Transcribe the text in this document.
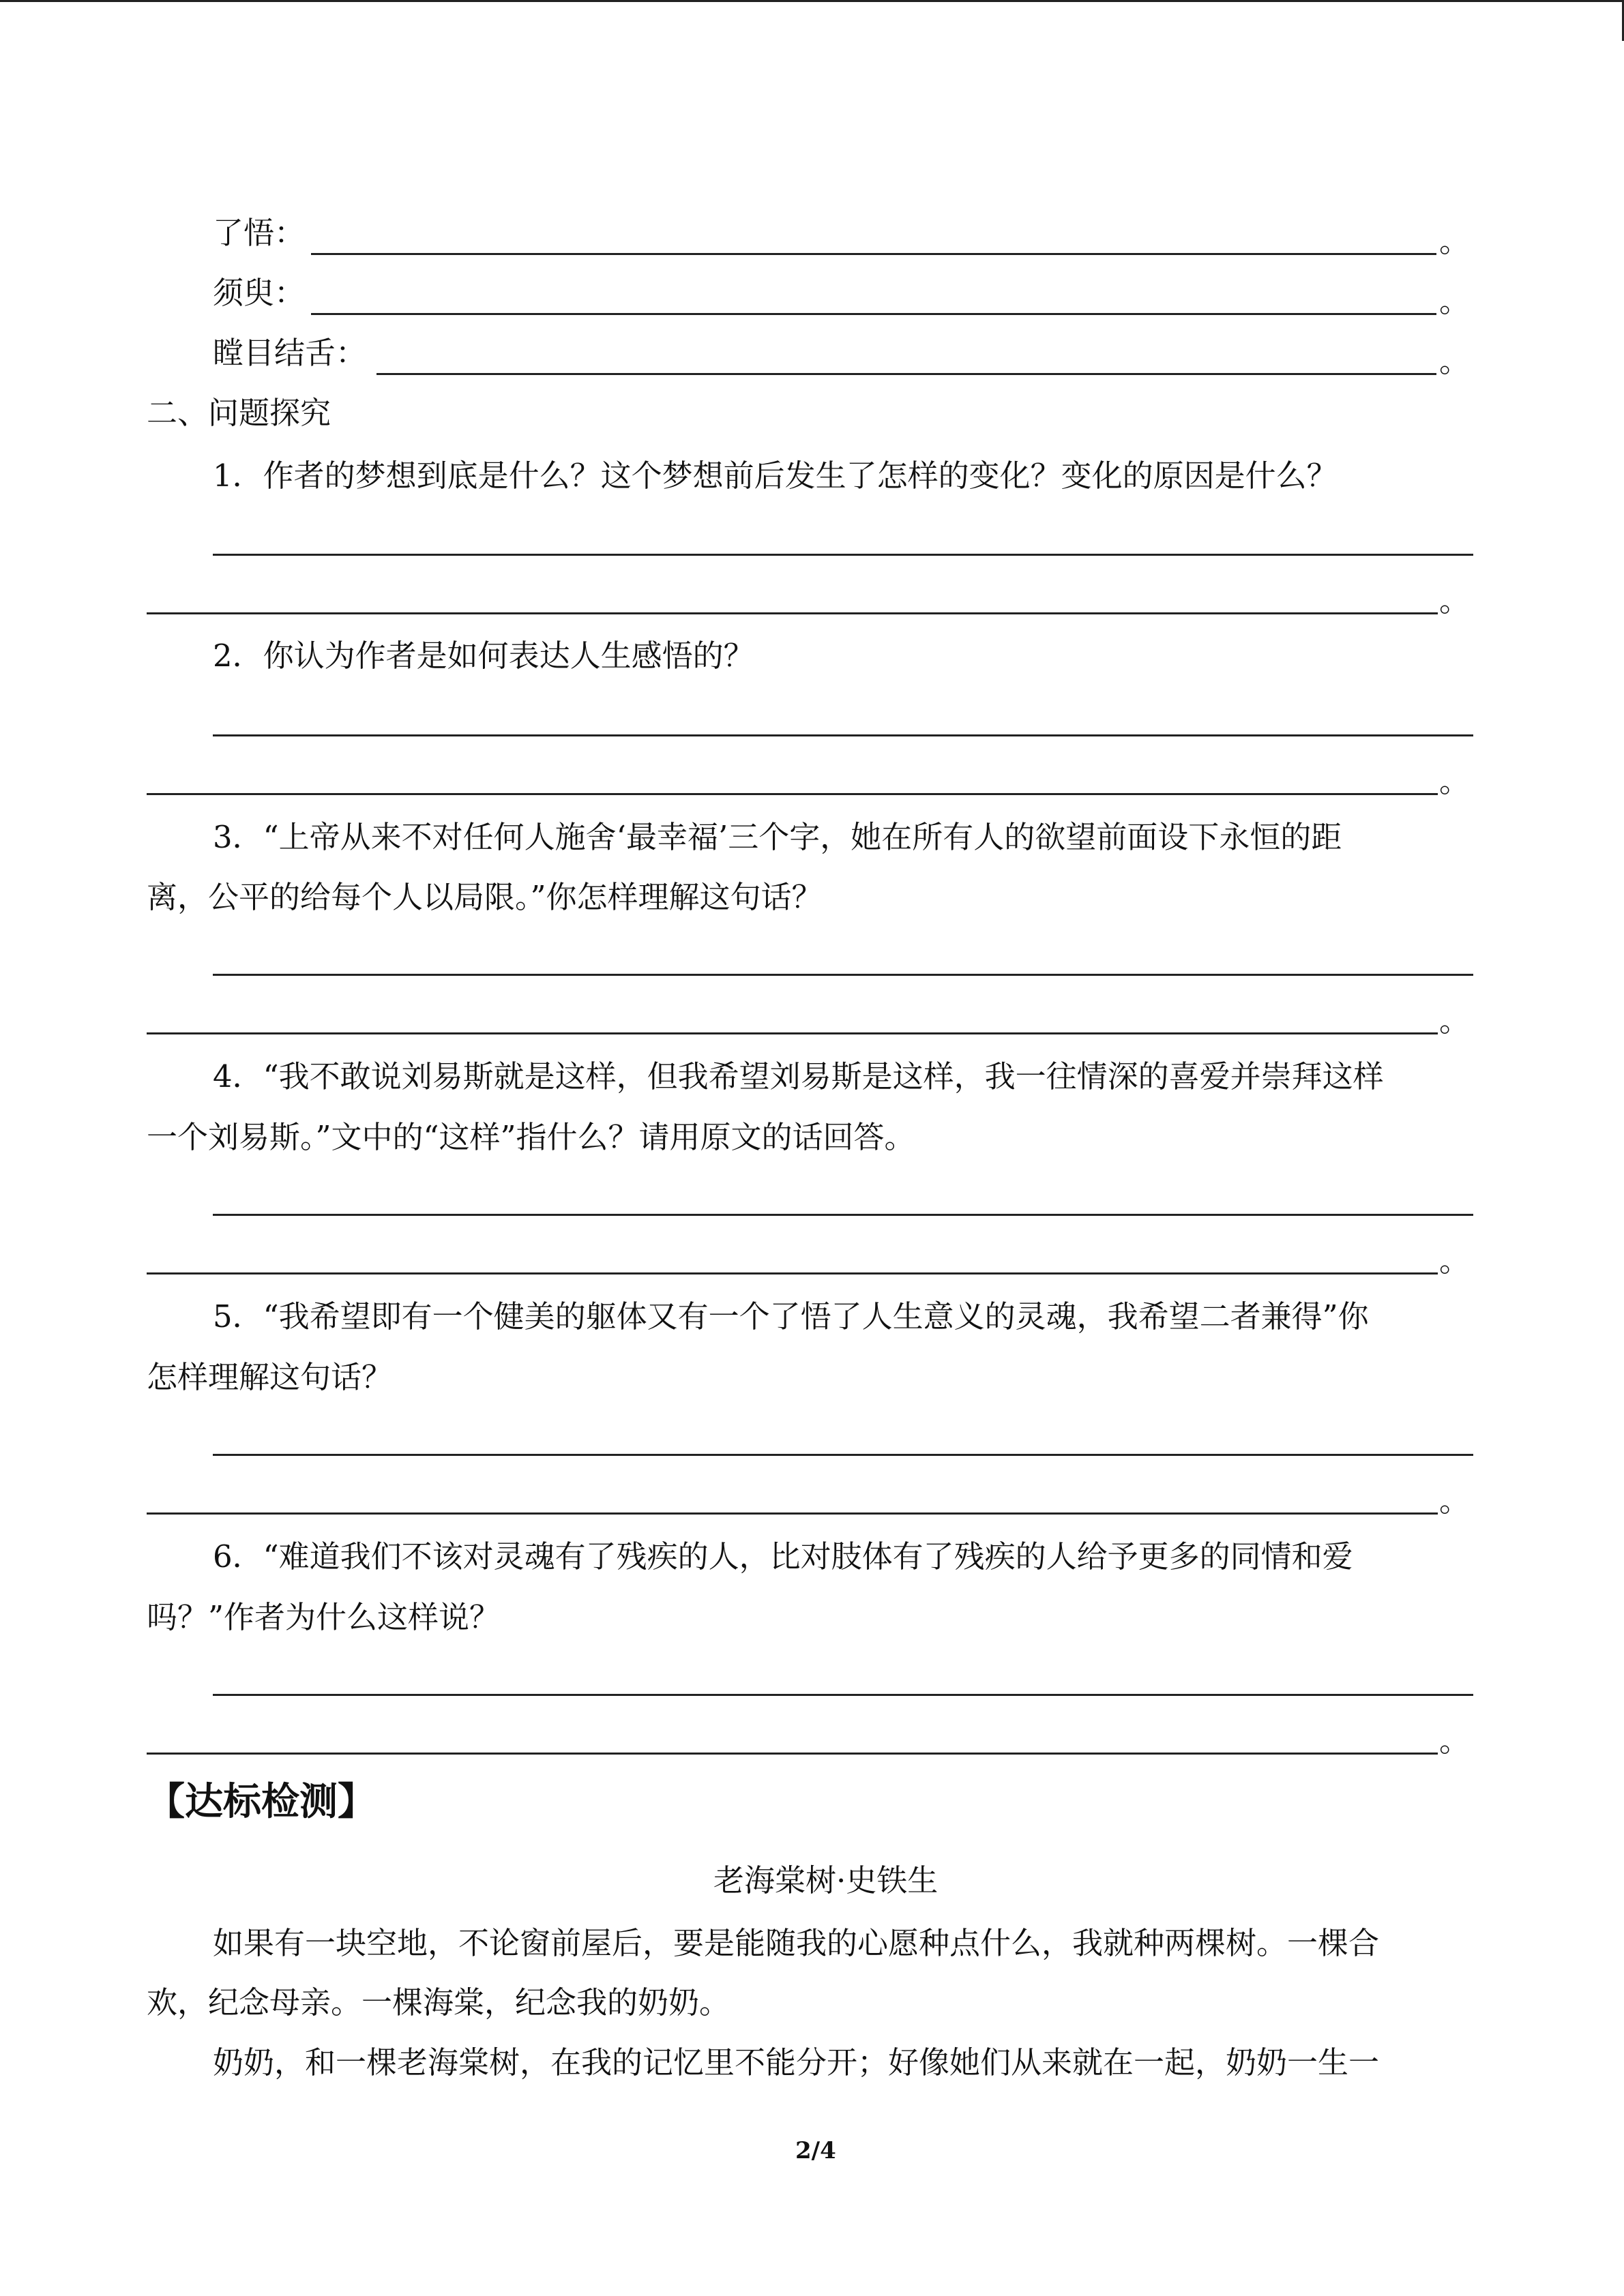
了悟：	。
须臾：	。
瞠目结舌：	。
二、问题探究
1．作者的梦想到底是什么？这个梦想前后发生了怎样的变化？变化的原因是什么？
。
2．你认为作者是如何表达人生感悟的？
。
3．“上帝从来不对任何人施舍‘最幸福’三个字，她在所有人的欲望前面设下永恒的距
离，公平的给每个人以局限。”你怎样理解这句话？
。
4．“我不敢说刘易斯就是这样，但我希望刘易斯是这样，我一往情深的喜爱并崇拜这样
一个刘易斯。”文中的“这样”指什么？请用原文的话回答。
。
5．“我希望即有一个健美的躯体又有一个了悟了人生意义的灵魂，我希望二者兼得”你
怎样理解这句话？
。
6．“难道我们不该对灵魂有了残疾的人，比对肢体有了残疾的人给予更多的同情和爱
吗？”作者为什么这样说？
。
【达标检测】
老海棠树·史铁生
如果有一块空地，不论窗前屋后，要是能随我的心愿种点什么，我就种两棵树。一棵合
欢，纪念母亲。一棵海棠，纪念我的奶奶。
奶奶，和一棵老海棠树，在我的记忆里不能分开；好像她们从来就在一起，奶奶一生一
2/4
